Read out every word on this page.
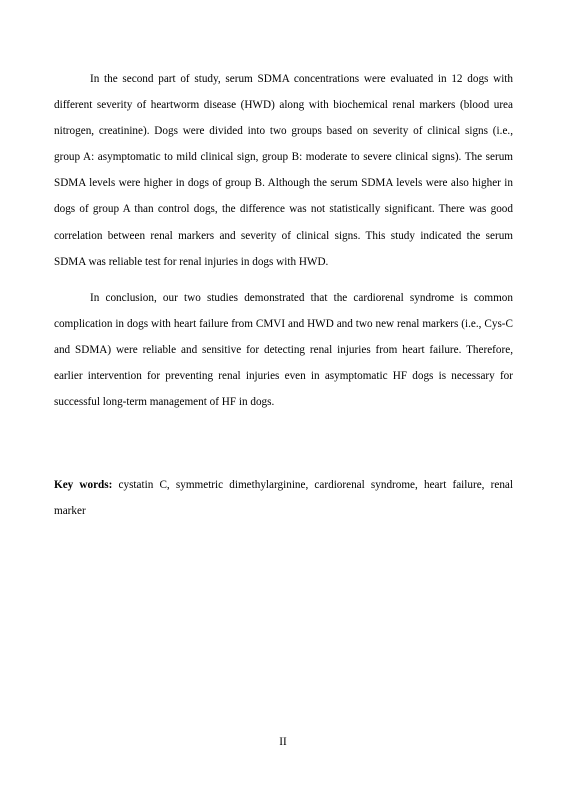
In the second part of study, serum SDMA concentrations were evaluated in 12 dogs with different severity of heartworm disease (HWD) along with biochemical renal markers (blood urea nitrogen, creatinine). Dogs were divided into two groups based on severity of clinical signs (i.e., group A: asymptomatic to mild clinical sign, group B: moderate to severe clinical signs). The serum SDMA levels were higher in dogs of group B. Although the serum SDMA levels were also higher in dogs of group A than control dogs, the difference was not statistically significant. There was good correlation between renal markers and severity of clinical signs. This study indicated the serum SDMA was reliable test for renal injuries in dogs with HWD.

In conclusion, our two studies demonstrated that the cardiorenal syndrome is common complication in dogs with heart failure from CMVI and HWD and two new renal markers (i.e., Cys-C and SDMA) were reliable and sensitive for detecting renal injuries from heart failure. Therefore, earlier intervention for preventing renal injuries even in asymptomatic HF dogs is necessary for successful long-term management of HF in dogs.

Key words: cystatin C, symmetric dimethylarginine, cardiorenal syndrome, heart failure, renal marker

II
